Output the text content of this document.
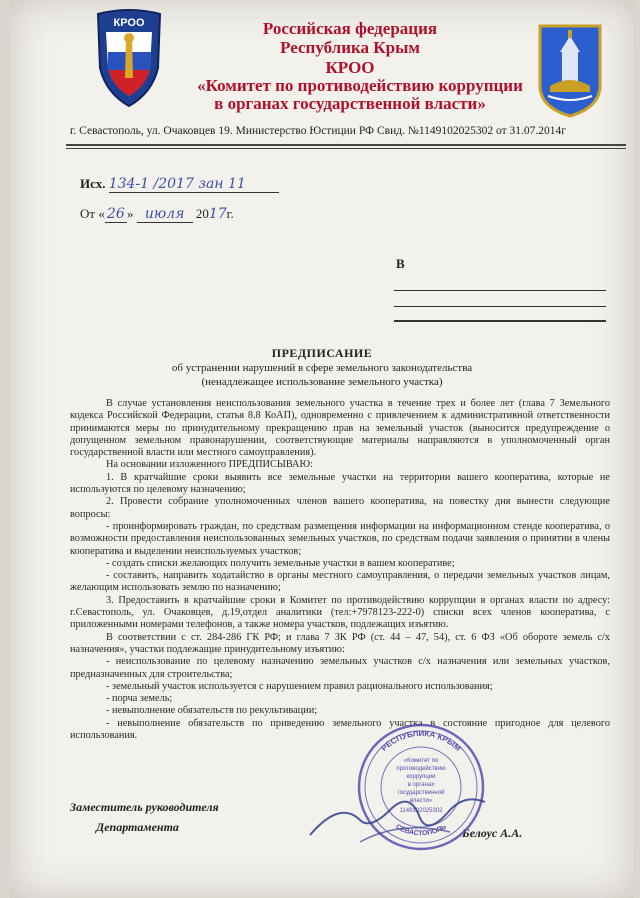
КРОО	Российская федерация
Республика Крым
КРОО
«Комитет по противодействию коррупции
в органах государственной власти»
г. Севастополь, ул. Очаковцев 19. Министерство Юстиции РФ Свид. №1149102025302 от 31.07.2014г
Исх. 134-1 /2017 зан 11
От « 26 » июля 2017г.
В
ПРЕДПИСАНИЕ
об устранении нарушений в сфере земельного законодательства
(ненадлежащее использование земельного участка)

В случае установления неиспользования земельного участка в течение трех и более лет (глава 7 Земельного кодекса Российской Федерации, статья 8.8 КоАП), одновременно с привлечением к административной ответственности принимаются меры по принудительному прекращению прав на земельный участок (выносится предупреждение о допущенном земельном правонарушении, соответствующие материалы направляются в уполномоченный орган государственной власти или местного самоуправления).

На основании изложенного ПРЕДПИСЫВАЮ:

1. В кратчайшие сроки выявить все земельные участки на территории вашего кооператива, которые не используются по целевому назначению;

2. Провести собрание уполномоченных членов вашего кооператива, на повестку дня вынести следующие вопросы:

- проинформировать граждан, по средствам размещения информации на информационном стенде кооператива, о возможности предоставления неиспользованных земельных участков, по средствам подачи заявления о принятии в члены кооператива и выделении неиспользуемых участков;

- создать списки желающих получить земельные участки в вашем кооперативе;

- составить, направить ходатайство в органы местного самоуправления, о передачи земельных участков лицам, желающим использовать землю по назначению;

3. Предоставить в кратчайшие сроки в Комитет по противодействию коррупции в органах власти по адресу: г.Севастополь, ул. Очаковцев, д.19,отдел аналитики (тел:+7978123-222-0) списки всех членов кооператива, с приложенными номерами телефонов, а также номера участков, подлежащих изъятию.

В соответствии с ст. 284-286 ГК РФ; и глава 7 ЗК РФ (ст. 44 – 47, 54), ст. 6 ФЗ «Об обороте земель с/х назначения», участки подлежащие принудительному изъятию:

- неиспользование по целевому назначению земельных участков с/х назначения или земельных участков, предназначенных для строительства;

- земельный участок используется с нарушением правил рационального использования;

- порча земель;

- невыполнение обязательств по рекультивации;

- невыполнение обязательств по приведению земельного участка в состояние пригодное для целевого использования.

Заместитель руководителя
Департамента	Белоус А.А.
РЕСПУБЛИКА КРЫМ
СЕВАСТОПОЛЬ
«Комитет по
противодействию
коррупции
в органах
государственной
власти»
1149102025302
